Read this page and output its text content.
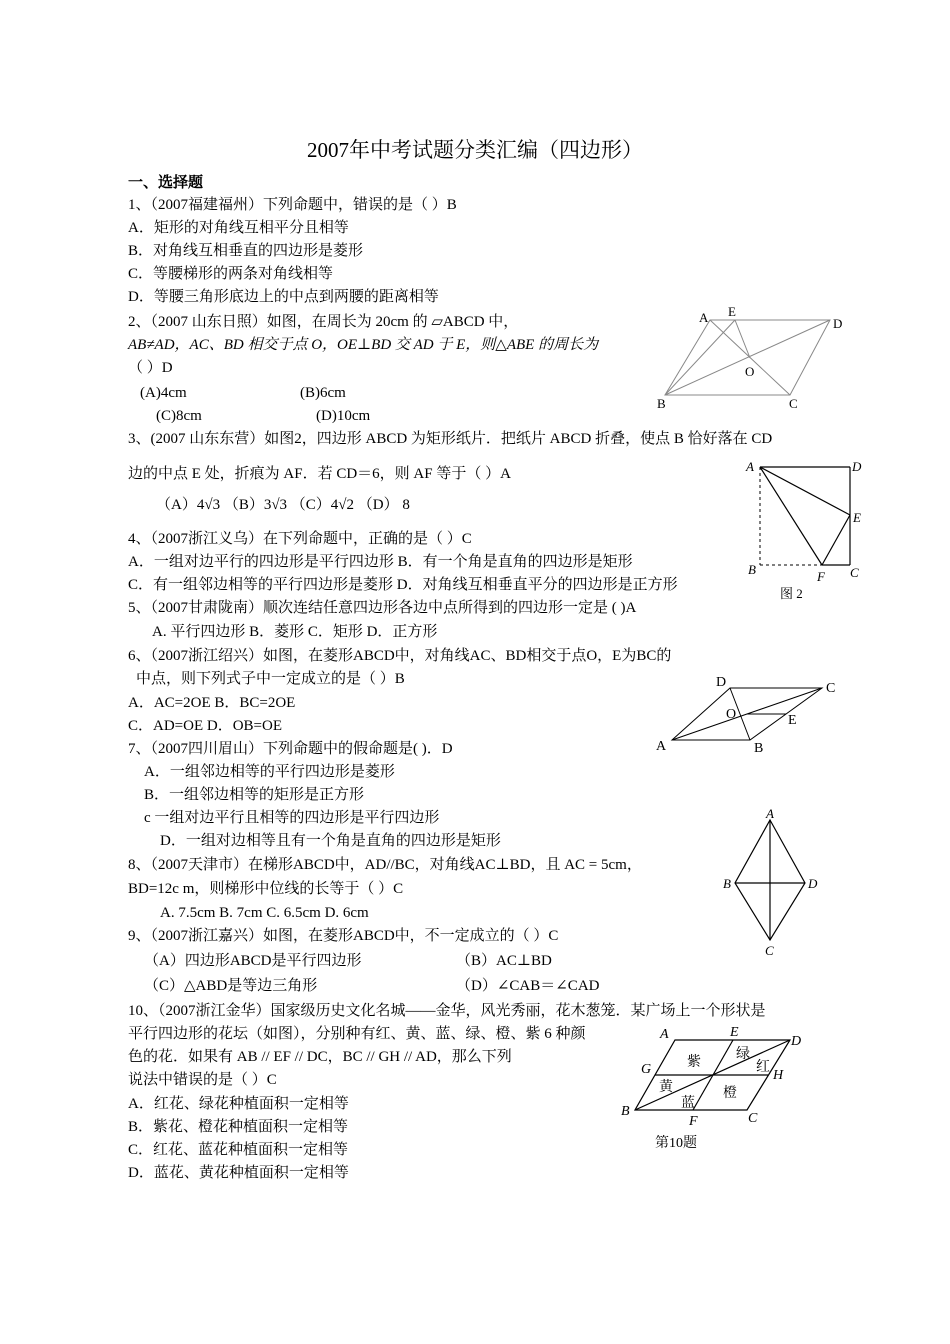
2007年中考试题分类汇编（四边形）
一、选择题
1、（2007福建福州）下列命题中，错误的是（ ）B
A．矩形的对角线互相平分且相等
B．对角线互相垂直的四边形是菱形
C．等腰梯形的两条对角线相等
D．等腰三角形底边上的中点到两腰的距离相等
2、（2007 山东日照）如图，在周长为 20cm 的 ▱ABCD 中，
AB≠AD，AC、BD 相交于点 O，OE⊥BD 交 AD 于 E，则△ABE 的周长为
（ ）D
(A)4cm	(B)6cm
(C)8cm	(D)10cm
A E
D
O
B	C
3、(2007 山东东营）如图2，四边形 ABCD 为矩形纸片．把纸片 ABCD 折叠，使点 B 恰好落在 CD
边的中点 E 处，折痕为 AF．若 CD＝6，则 AF 等于（ ）A
（A）4√3 （B）3√3 （C）4√2 （D） 8
A	D
E
B	F C
图 2
4、（2007浙江义乌）在下列命题中，正确的是（ ）C
A．一组对边平行的四边形是平行四边形 B．有一个角是直角的四边形是矩形
C．有一组邻边相等的平行四边形是菱形 D．对角线互相垂直平分的四边形是正方形
5、（2007甘肃陇南）顺次连结任意四边形各边中点所得到的四边形一定是 ( )A
A. 平行四边形 B．菱形 C．矩形 D．正方形
6、（2007浙江绍兴）如图，在菱形ABCD中，对角线AC、BD相交于点O，E为BC的
中点，则下列式子中一定成立的是（ ）B
A．AC=2OE B．BC=2OE
C．AD=OE D．OB=OE
D	C
O	E
A	B
7、（2007四川眉山）下列命题中的假命题是( )．D
A．一组邻边相等的平行四边形是菱形
B．一组邻边相等的矩形是正方形
c 一组对边平行且相等的四边形是平行四边形
D．一组对边相等且有一个角是直角的四边形是矩形
A
B	D
C
8、（2007天津市）在梯形ABCD中，AD//BC，对角线AC⊥BD，且 AC = 5cm，
BD=12c m，则梯形中位线的长等于（ ）C
A. 7.5cm B. 7cm C. 6.5cm D. 6cm
9、（2007浙江嘉兴）如图，在菱形ABCD中，不一定成立的（ ）C
（A）四边形ABCD是平行四边形	（B）AC⊥BD
（C）△ABD是等边三角形	（D）∠CAB＝∠CAD
10、（2007浙江金华）国家级历史文化名城——金华，风光秀丽，花木葱笼．某广场上一个形状是
平行四边形的花坛（如图），分别种有红、黄、蓝、绿、橙、紫 6 种颜
色的花．如果有 AB // EF // DC，BC // GH // AD，那么下列
说法中错误的是（ ）C
A．红花、绿花种植面积一定相等
B．紫花、橙花种植面积一定相等
C．红花、蓝花种植面积一定相等
D．蓝花、黄花种植面积一定相等
A	E
D
G	H
B
F	C
紫
绿
红
黄	橙
蓝
第10题
